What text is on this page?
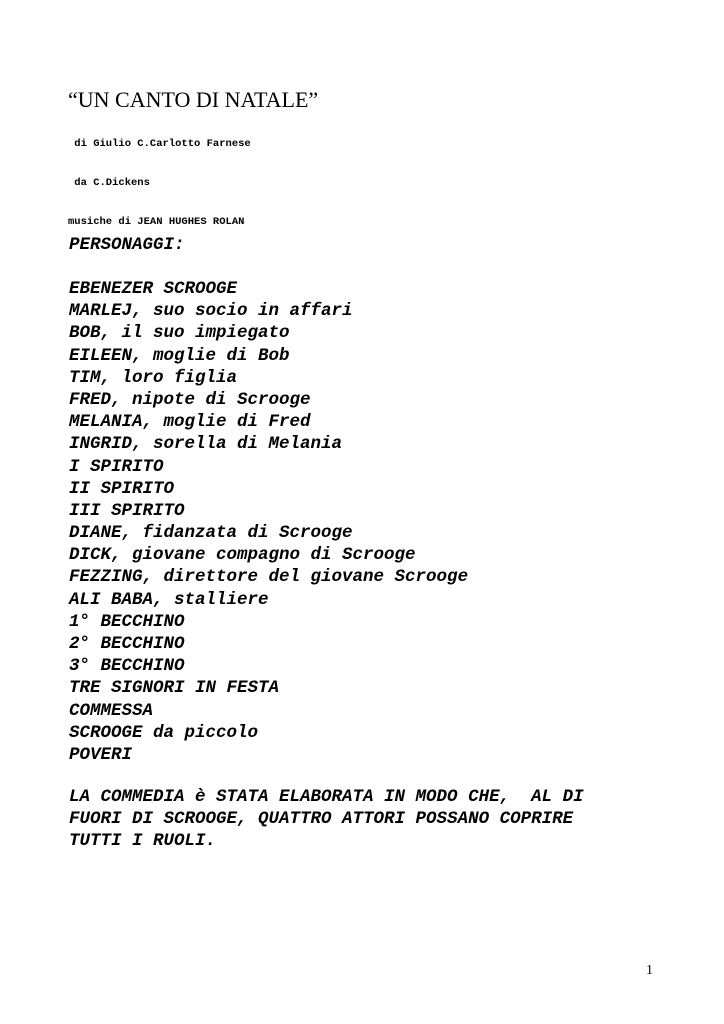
“UN CANTO DI NATALE”

di Giulio C.Carlotto Farnese

da C.Dickens

musiche di JEAN HUGHES ROLAN

PERSONAGGI:
EBENEZER SCROOGE
MARLEJ, suo socio in affari
BOB, il suo impiegato
EILEEN, moglie di Bob
TIM, loro figlia
FRED, nipote di Scrooge
MELANIA, moglie di Fred
INGRID, sorella di Melania
I SPIRITO
II SPIRITO
III SPIRITO
DIANE, fidanzata di Scrooge
DICK, giovane compagno di Scrooge
FEZZING, direttore del giovane Scrooge
ALI BABA, stalliere
1° BECCHINO
2° BECCHINO
3° BECCHINO
TRE SIGNORI IN FESTA
COMMESSA
SCROOGE da piccolo
POVERI
LA COMMEDIA è STATA ELABORATA IN MODO CHE,  AL DI
FUORI DI SCROOGE, QUATTRO ATTORI POSSANO COPRIRE
TUTTI I RUOLI.
1
